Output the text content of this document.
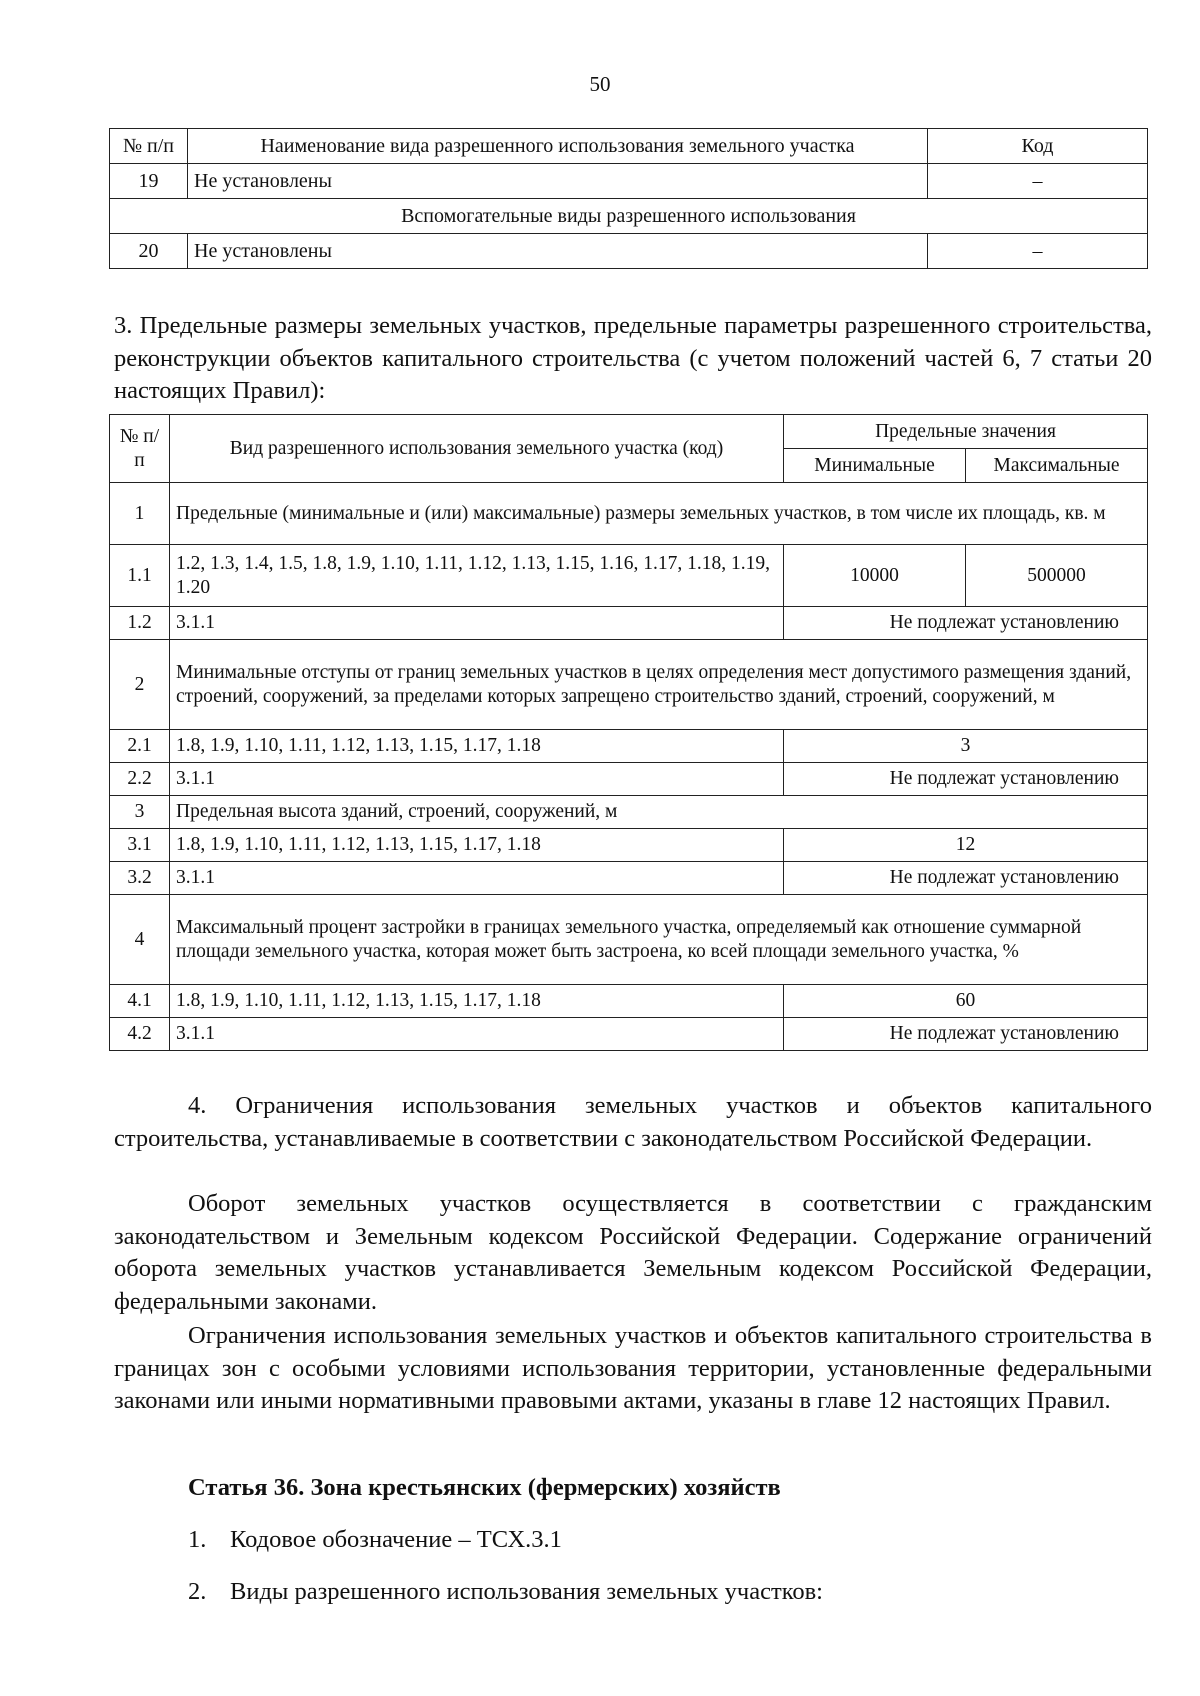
50
№ п/п	Наименование вида разрешенного использования земельного участка	Код
19	Не установлены	–
Вспомогательные виды разрешенного использования		
20	Не установлены	–

3. Предельные размеры земельных участков, предельные параметры разрешенного строительства, реконструкции объектов капитального строительства (с учетом положений частей 6, 7 статьи 20 настоящих Правил):

№ п/п	Вид разрешенного использования земельного участка (код)	Предельные значения	
		Минимальные	Максимальные
1	Предельные (минимальные и (или) максимальные) размеры земельных участков, в том числе их площадь, кв. м		
1.1	1.2, 1.3, 1.4, 1.5, 1.8, 1.9, 1.10, 1.11, 1.12, 1.13, 1.15, 1.16, 1.17, 1.18, 1.19, 1.20	10000	500000
1.2	3.1.1	Не подлежат установлению	
2	Минимальные отступы от границ земельных участков в целях определения мест допустимого размещения зданий, строений, сооружений, за пределами которых запрещено строительство зданий, строений, сооружений, м		
2.1	1.8, 1.9, 1.10, 1.11, 1.12, 1.13, 1.15, 1.17, 1.18	3	
2.2	3.1.1	Не подлежат установлению	
3	Предельная высота зданий, строений, сооружений, м		
3.1	1.8, 1.9, 1.10, 1.11, 1.12, 1.13, 1.15, 1.17, 1.18	12	
3.2	3.1.1	Не подлежат установлению	
4	Максимальный процент застройки в границах земельного участка, определяемый как отношение суммарной площади земельного участка, которая может быть застроена, ко всей площади земельного участка, %		
4.1	1.8, 1.9, 1.10, 1.11, 1.12, 1.13, 1.15, 1.17, 1.18	60	
4.2	3.1.1	Не подлежат установлению	

4. Ограничения использования земельных участков и объектов капитального строительства, устанавливаемые в соответствии с законодательством Российской Федерации.

Оборот земельных участков осуществляется в соответствии с гражданским законодательством и Земельным кодексом Российской Федерации. Содержание ограничений оборота земельных участков устанавливается Земельным кодексом Российской Федерации, федеральными законами.

Ограничения использования земельных участков и объектов капитального строительства в границах зон с особыми условиями использования территории, установленные федеральными законами или иными нормативными правовыми актами, указаны в главе 12 настоящих Правил.

Статья 36. Зона крестьянских (фермерских) хозяйств

1. Кодовое обозначение – ТСХ.3.1

2. Виды разрешенного использования земельных участков:
